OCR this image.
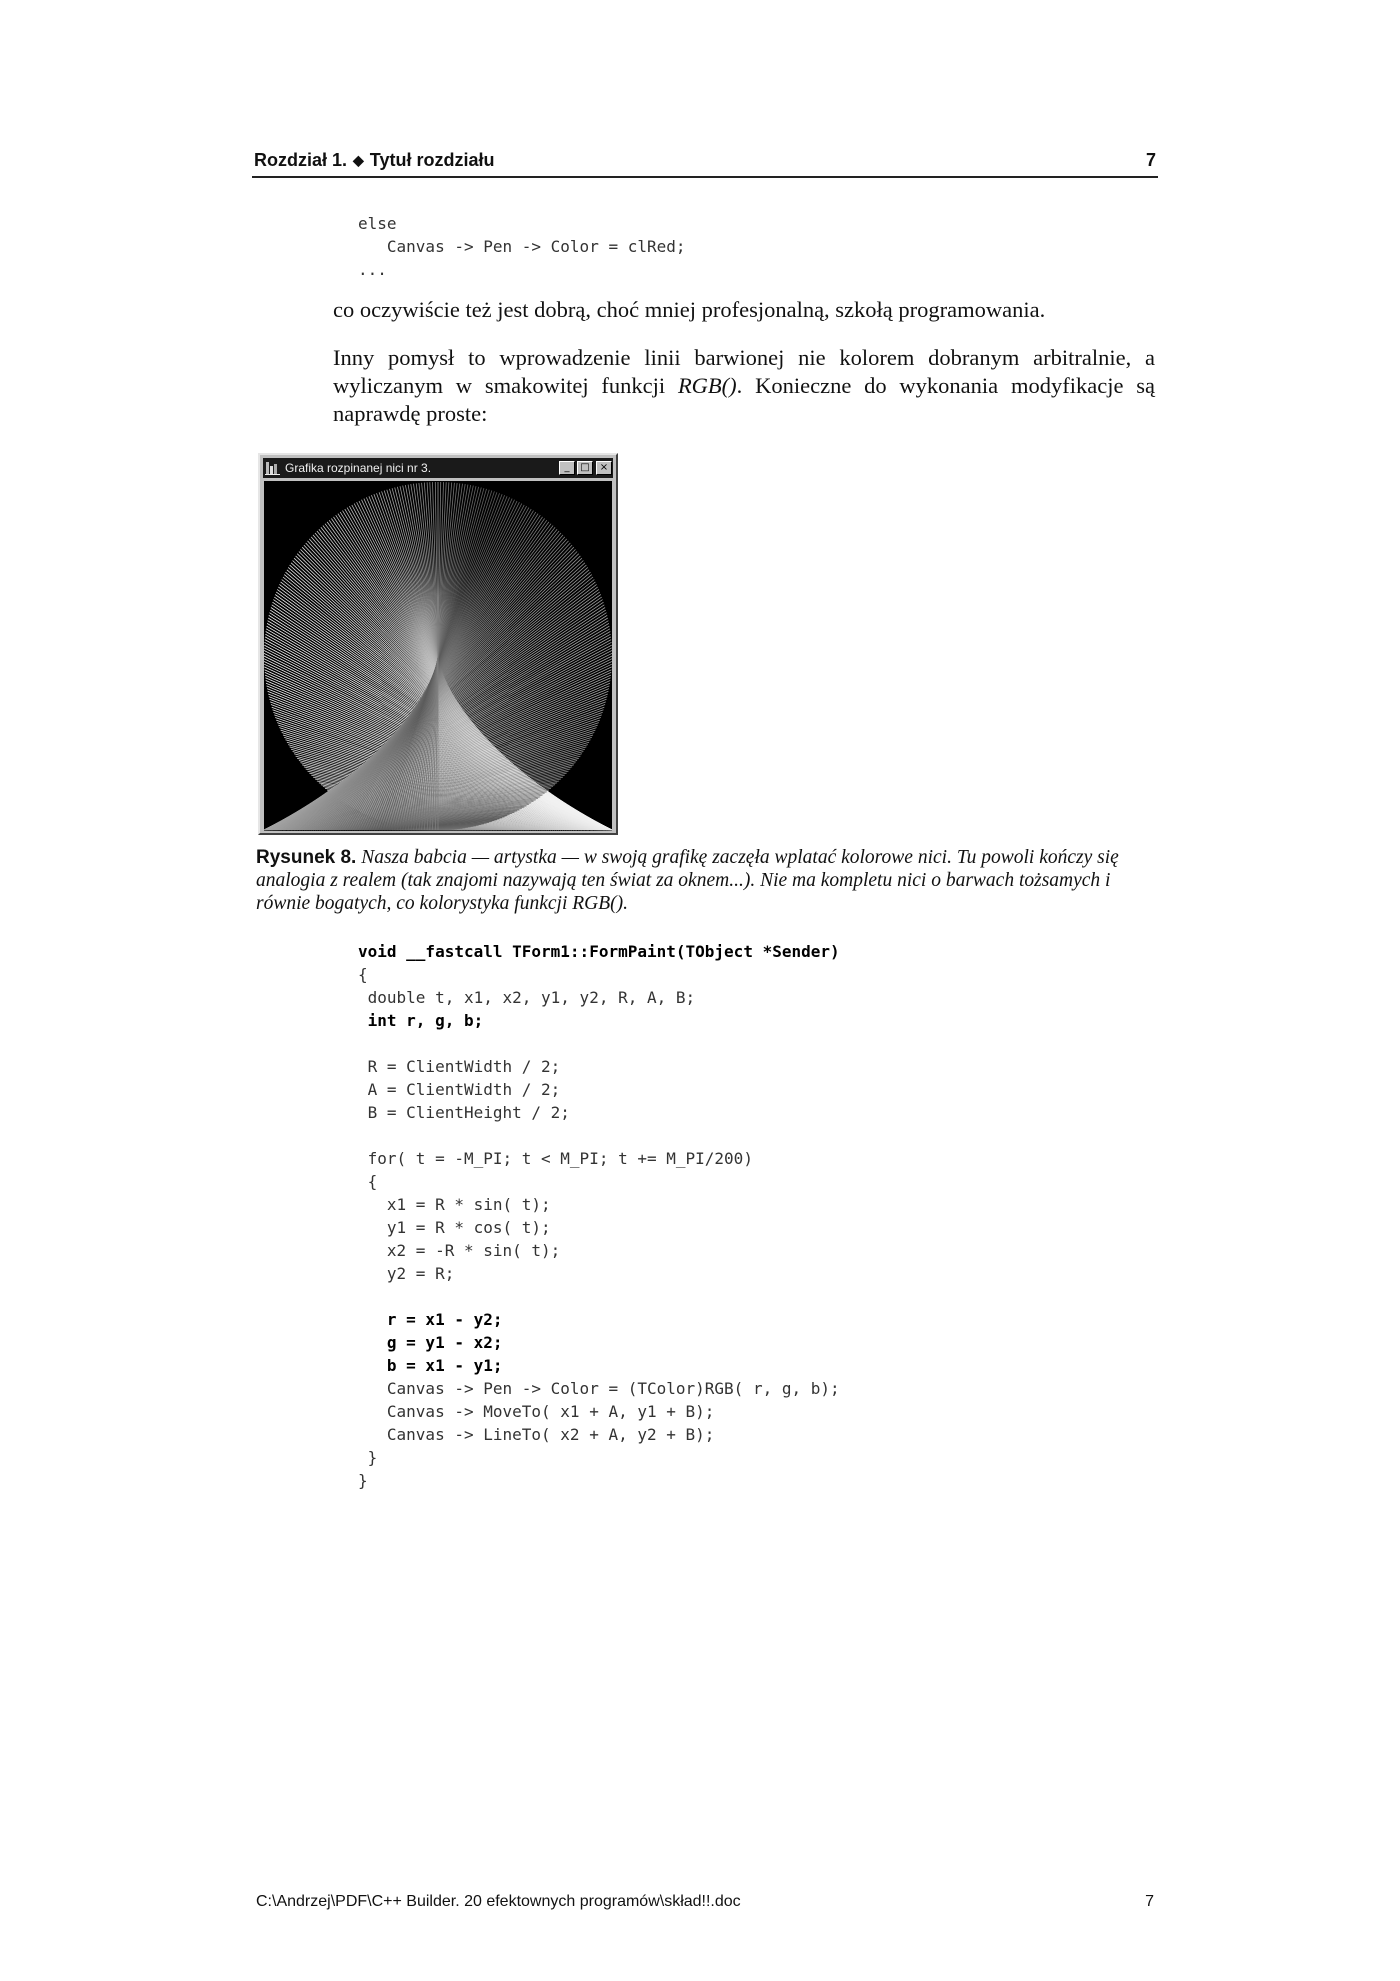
Rozdział 1. ◆ Tytuł rozdziału	7
else
Canvas -> Pen -> Color = clRed;
...

co oczywiście też jest dobrą, choć mniej profesjonalną, szkołą programowania.

Inny pomysł to wprowadzenie linii barwionej nie kolorem dobranym arbitralnie, a wyliczanym w smakowitej funkcji RGB(). Konieczne do wykonania modyfikacje są naprawdę proste:

Grafika rozpinanej nici nr 3.	_	□	×
Rysunek 8. Nasza babcia — artystka — w swoją grafikę zaczęła wplatać kolorowe nici. Tu powoli kończy się analogia z realem (tak znajomi nazywają ten świat za oknem...). Nie ma kompletu nici o barwach tożsamych i równie bogatych, co kolorystyka funkcji RGB().
void __fastcall TForm1::FormPaint(TObject *Sender)
{
double t, x1, x2, y1, y2, R, A, B;
int r, g, b;

R = ClientWidth / 2;
A = ClientWidth / 2;
B = ClientHeight / 2;

for( t = -M_PI; t < M_PI; t += M_PI/200)
{
x1 = R * sin( t);
y1 = R * cos( t);
x2 = -R * sin( t);
y2 = R;

r = x1 - y2;
g = y1 - x2;
b = x1 - y1;
Canvas -> Pen -> Color = (TColor)RGB( r, g, b);
Canvas -> MoveTo( x1 + A, y1 + B);
Canvas -> LineTo( x2 + A, y2 + B);
}
}
C:\Andrzej\PDF\C++ Builder. 20 efektownych programów\skład!!.doc	7
